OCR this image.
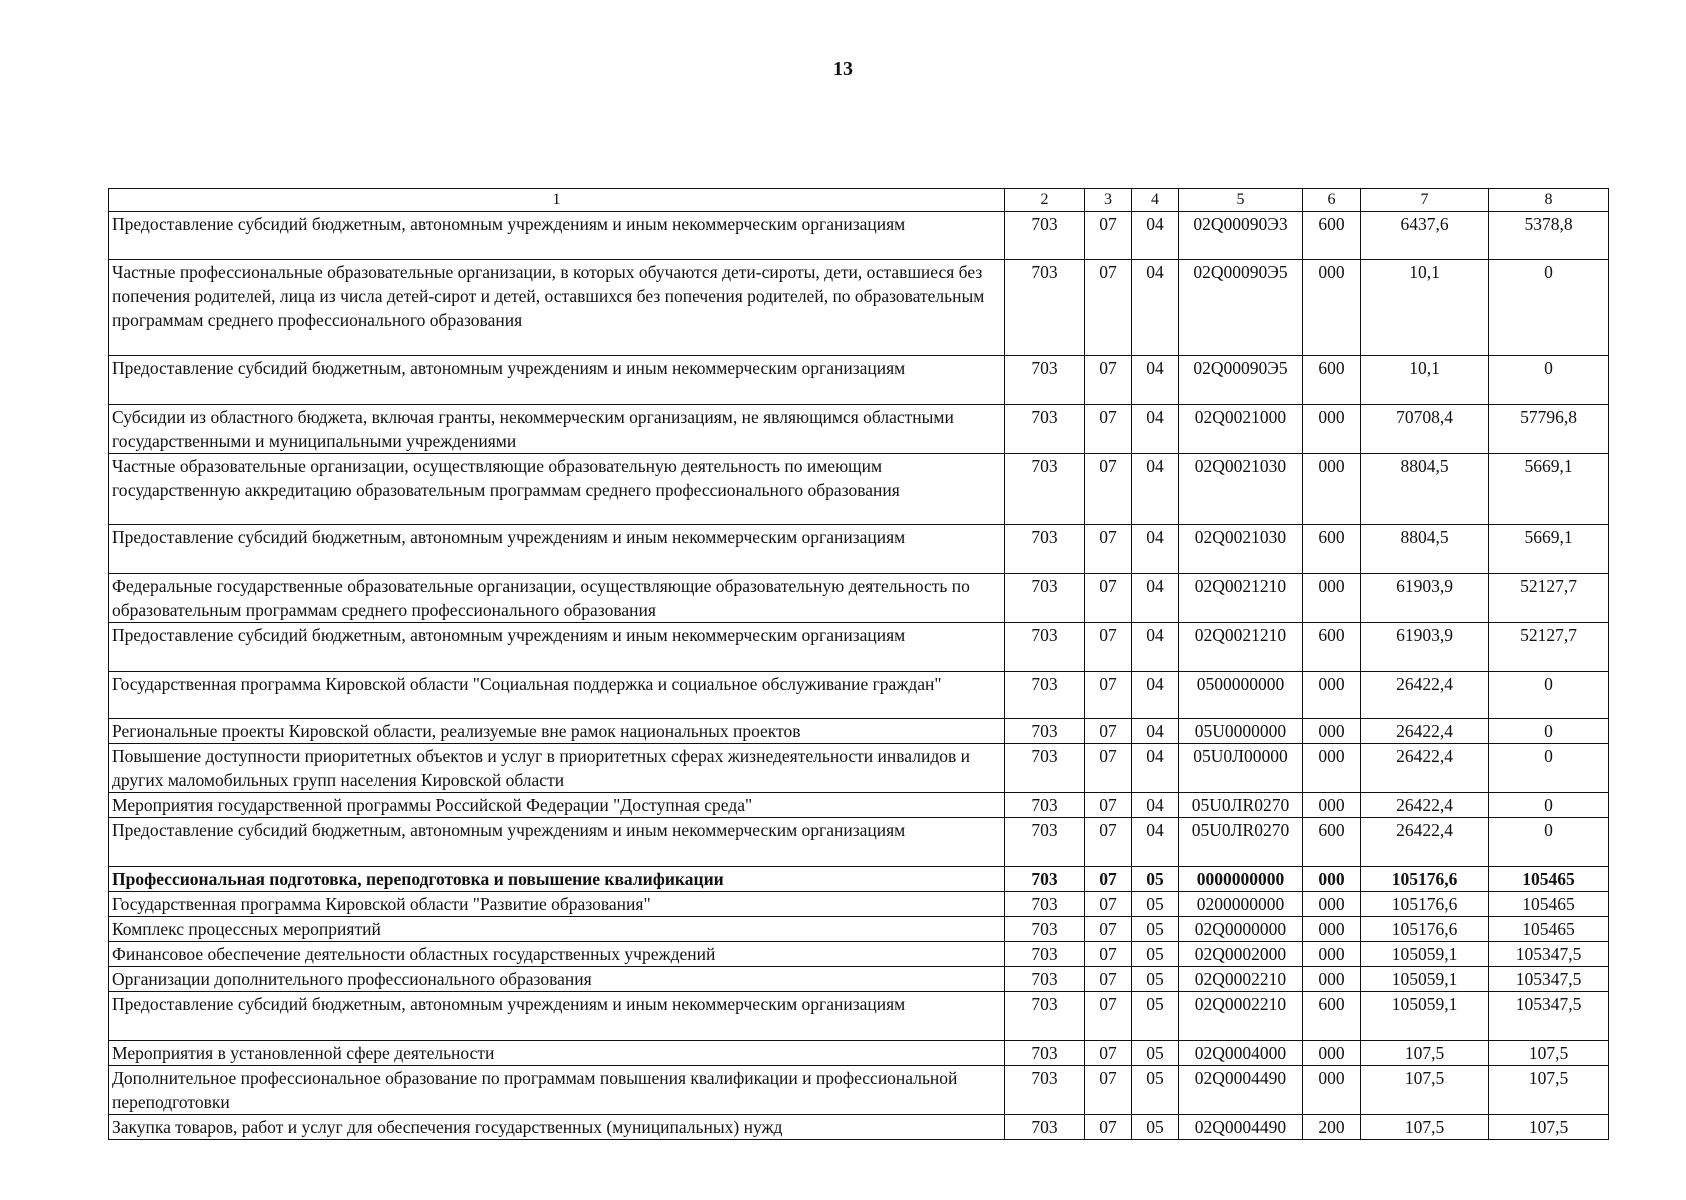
13
1	2	3	4	5	6	7	8
Предоставление субсидий бюджетным, автономным учреждениям и иным некоммерческим организациям	703	07	04	02Q00090Э3	600	6437,6	5378,8
Частные профессиональные образовательные организации, в которых обучаются дети-сироты, дети, оставшиеся без попечения родителей, лица из числа детей-сирот и детей, оставшихся без попечения родителей, по образовательным программам среднего профессионального образования	703	07	04	02Q00090Э5	000	10,1	0
Предоставление субсидий бюджетным, автономным учреждениям и иным некоммерческим организациям	703	07	04	02Q00090Э5	600	10,1	0
Субсидии из областного бюджета, включая гранты, некоммерческим организациям, не являющимся областными государственными и муниципальными учреждениями	703	07	04	02Q0021000	000	70708,4	57796,8
Частные образовательные организации, осуществляющие образовательную деятельность по имеющим государственную аккредитацию образовательным программам среднего профессионального образования	703	07	04	02Q0021030	000	8804,5	5669,1
Предоставление субсидий бюджетным, автономным учреждениям и иным некоммерческим организациям	703	07	04	02Q0021030	600	8804,5	5669,1
Федеральные государственные образовательные организации, осуществляющие образовательную деятельность по образовательным программам среднего профессионального образования	703	07	04	02Q0021210	000	61903,9	52127,7
Предоставление субсидий бюджетным, автономным учреждениям и иным некоммерческим организациям	703	07	04	02Q0021210	600	61903,9	52127,7
Государственная программа Кировской области "Социальная поддержка и социальное обслуживание граждан"	703	07	04	0500000000	000	26422,4	0
Региональные проекты Кировской области, реализуемые вне рамок национальных проектов	703	07	04	05U0000000	000	26422,4	0
Повышение доступности приоритетных объектов и услуг в приоритетных сферах жизнедеятельности инвалидов и других маломобильных групп населения Кировской области	703	07	04	05U0Л00000	000	26422,4	0
Мероприятия государственной программы Российской Федерации "Доступная среда"	703	07	04	05U0ЛR0270	000	26422,4	0
Предоставление субсидий бюджетным, автономным учреждениям и иным некоммерческим организациям	703	07	04	05U0ЛR0270	600	26422,4	0
Профессиональная подготовка, переподготовка и повышение квалификации	703	07	05	0000000000	000	105176,6	105465
Государственная программа Кировской области "Развитие образования"	703	07	05	0200000000	000	105176,6	105465
Комплекс процессных мероприятий	703	07	05	02Q0000000	000	105176,6	105465
Финансовое обеспечение деятельности областных государственных учреждений	703	07	05	02Q0002000	000	105059,1	105347,5
Организации дополнительного профессионального образования	703	07	05	02Q0002210	000	105059,1	105347,5
Предоставление субсидий бюджетным, автономным учреждениям и иным некоммерческим организациям	703	07	05	02Q0002210	600	105059,1	105347,5
Мероприятия в установленной сфере деятельности	703	07	05	02Q0004000	000	107,5	107,5
Дополнительное профессиональное образование по программам повышения квалификации и профессиональной переподготовки	703	07	05	02Q0004490	000	107,5	107,5
Закупка товаров, работ и услуг для обеспечения государственных (муниципальных) нужд	703	07	05	02Q0004490	200	107,5	107,5
